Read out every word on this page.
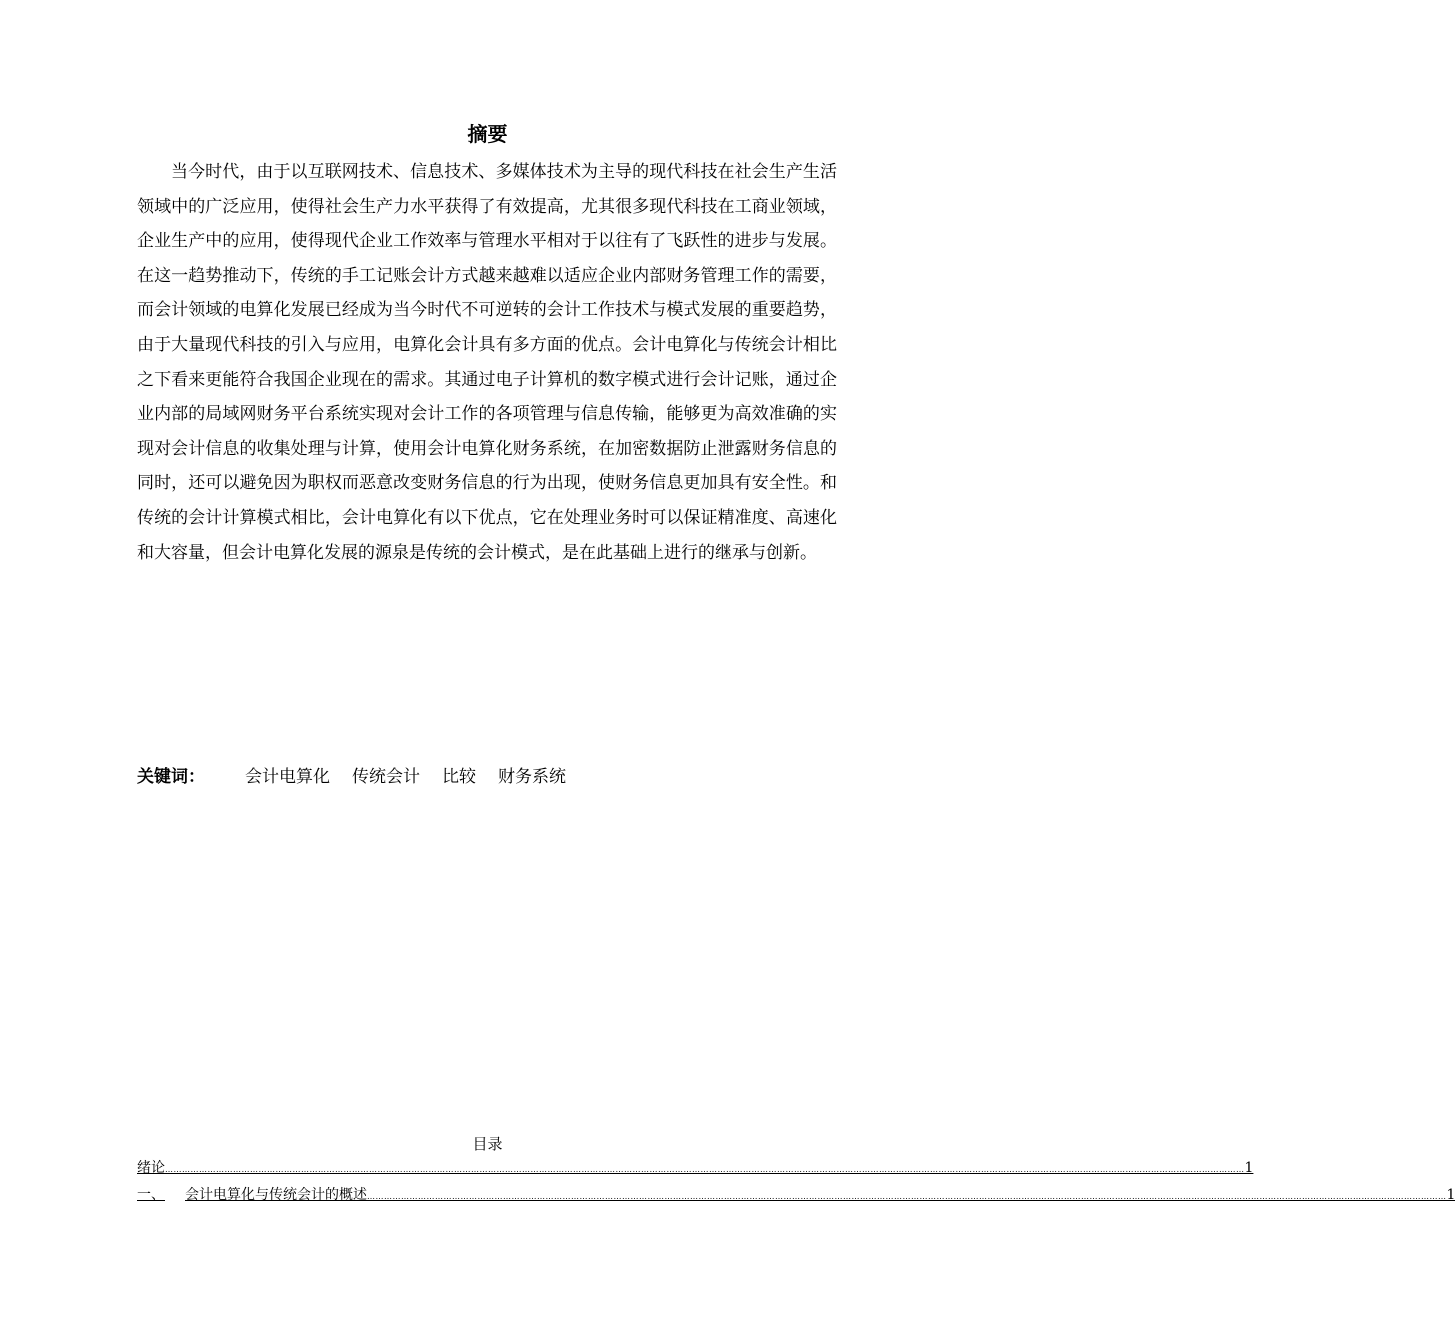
摘要

当今时代，由于以互联网技术、信息技术、多媒体技术为主导的现代科技在社会生产生活领域中的广泛应用，使得社会生产力水平获得了有效提高，尤其很多现代科技在工商业领域，企业生产中的应用，使得现代企业工作效率与管理水平相对于以往有了飞跃性的进步与发展。在这一趋势推动下，传统的手工记账会计方式越来越难以适应企业内部财务管理工作的需要，而会计领域的电算化发展已经成为当今时代不可逆转的会计工作技术与模式发展的重要趋势，由于大量现代科技的引入与应用，电算化会计具有多方面的优点。会计电算化与传统会计相比之下看来更能符合我国企业现在的需求。其通过电子计算机的数字模式进行会计记账，通过企业内部的局域网财务平台系统实现对会计工作的各项管理与信息传输，能够更为高效准确的实现对会计信息的收集处理与计算，使用会计电算化财务系统，在加密数据防止泄露财务信息的同时，还可以避免因为职权而恶意改变财务信息的行为出现，使财务信息更加具有安全性。和传统的会计计算模式相比，会计电算化有以下优点，它在处理业务时可以保证精准度、高速化和大容量，但会计电算化发展的源泉是传统的会计模式，是在此基础上进行的继承与创新。

关键词： 会计电算化 传统会计 比较 财务系统
目录
绪论 ………………………………………………………………………………………………………………………………………………………………………………………………………………………………………………………………………………………………………………………………………………… 1
一、 会计电算化与传统会计的概述 ………………………………………………………………………………………………………………………………………………………………………………………………………………………………………………………………………………………………………………………………………………… 1
